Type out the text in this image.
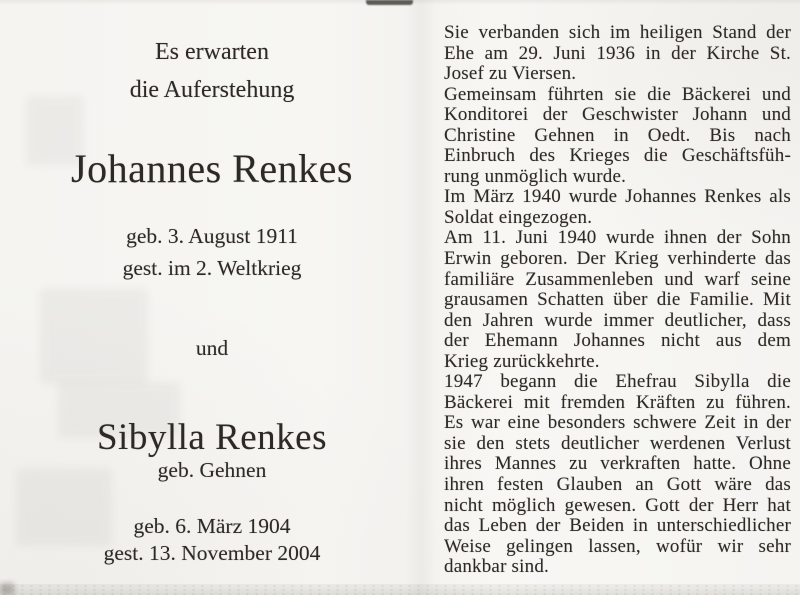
Es erwarten
die Auferstehung
Johannes Renkes
geb. 3. August 1911
gest. im 2. Weltkrieg
und
Sibylla Renkes
geb. Gehnen
geb. 6. März 1904
gest. 13. November 2004
Sie verbanden sich im heiligen Stand der
Ehe am 29. Juni 1936 in der Kirche St.
Josef zu Viersen.
Gemeinsam führten sie die Bäckerei und
Konditorei der Geschwister Johann und
Christine Gehnen in Oedt. Bis nach
Einbruch des Krieges die Geschäftsfüh-
rung unmöglich wurde.
Im März 1940 wurde Johannes Renkes als
Soldat eingezogen.
Am 11. Juni 1940 wurde ihnen der Sohn
Erwin geboren. Der Krieg verhinderte das
familiäre Zusammenleben und warf seine
grausamen Schatten über die Familie. Mit
den Jahren wurde immer deutlicher, dass
der Ehemann Johannes nicht aus dem
Krieg zurückkehrte.
1947 begann die Ehefrau Sibylla die
Bäckerei mit fremden Kräften zu führen.
Es war eine besonders schwere Zeit in der
sie den stets deutlicher werdenen Verlust
ihres Mannes zu verkraften hatte. Ohne
ihren festen Glauben an Gott wäre das
nicht möglich gewesen. Gott der Herr hat
das Leben der Beiden in unterschiedlicher
Weise gelingen lassen, wofür wir sehr
dankbar sind.
